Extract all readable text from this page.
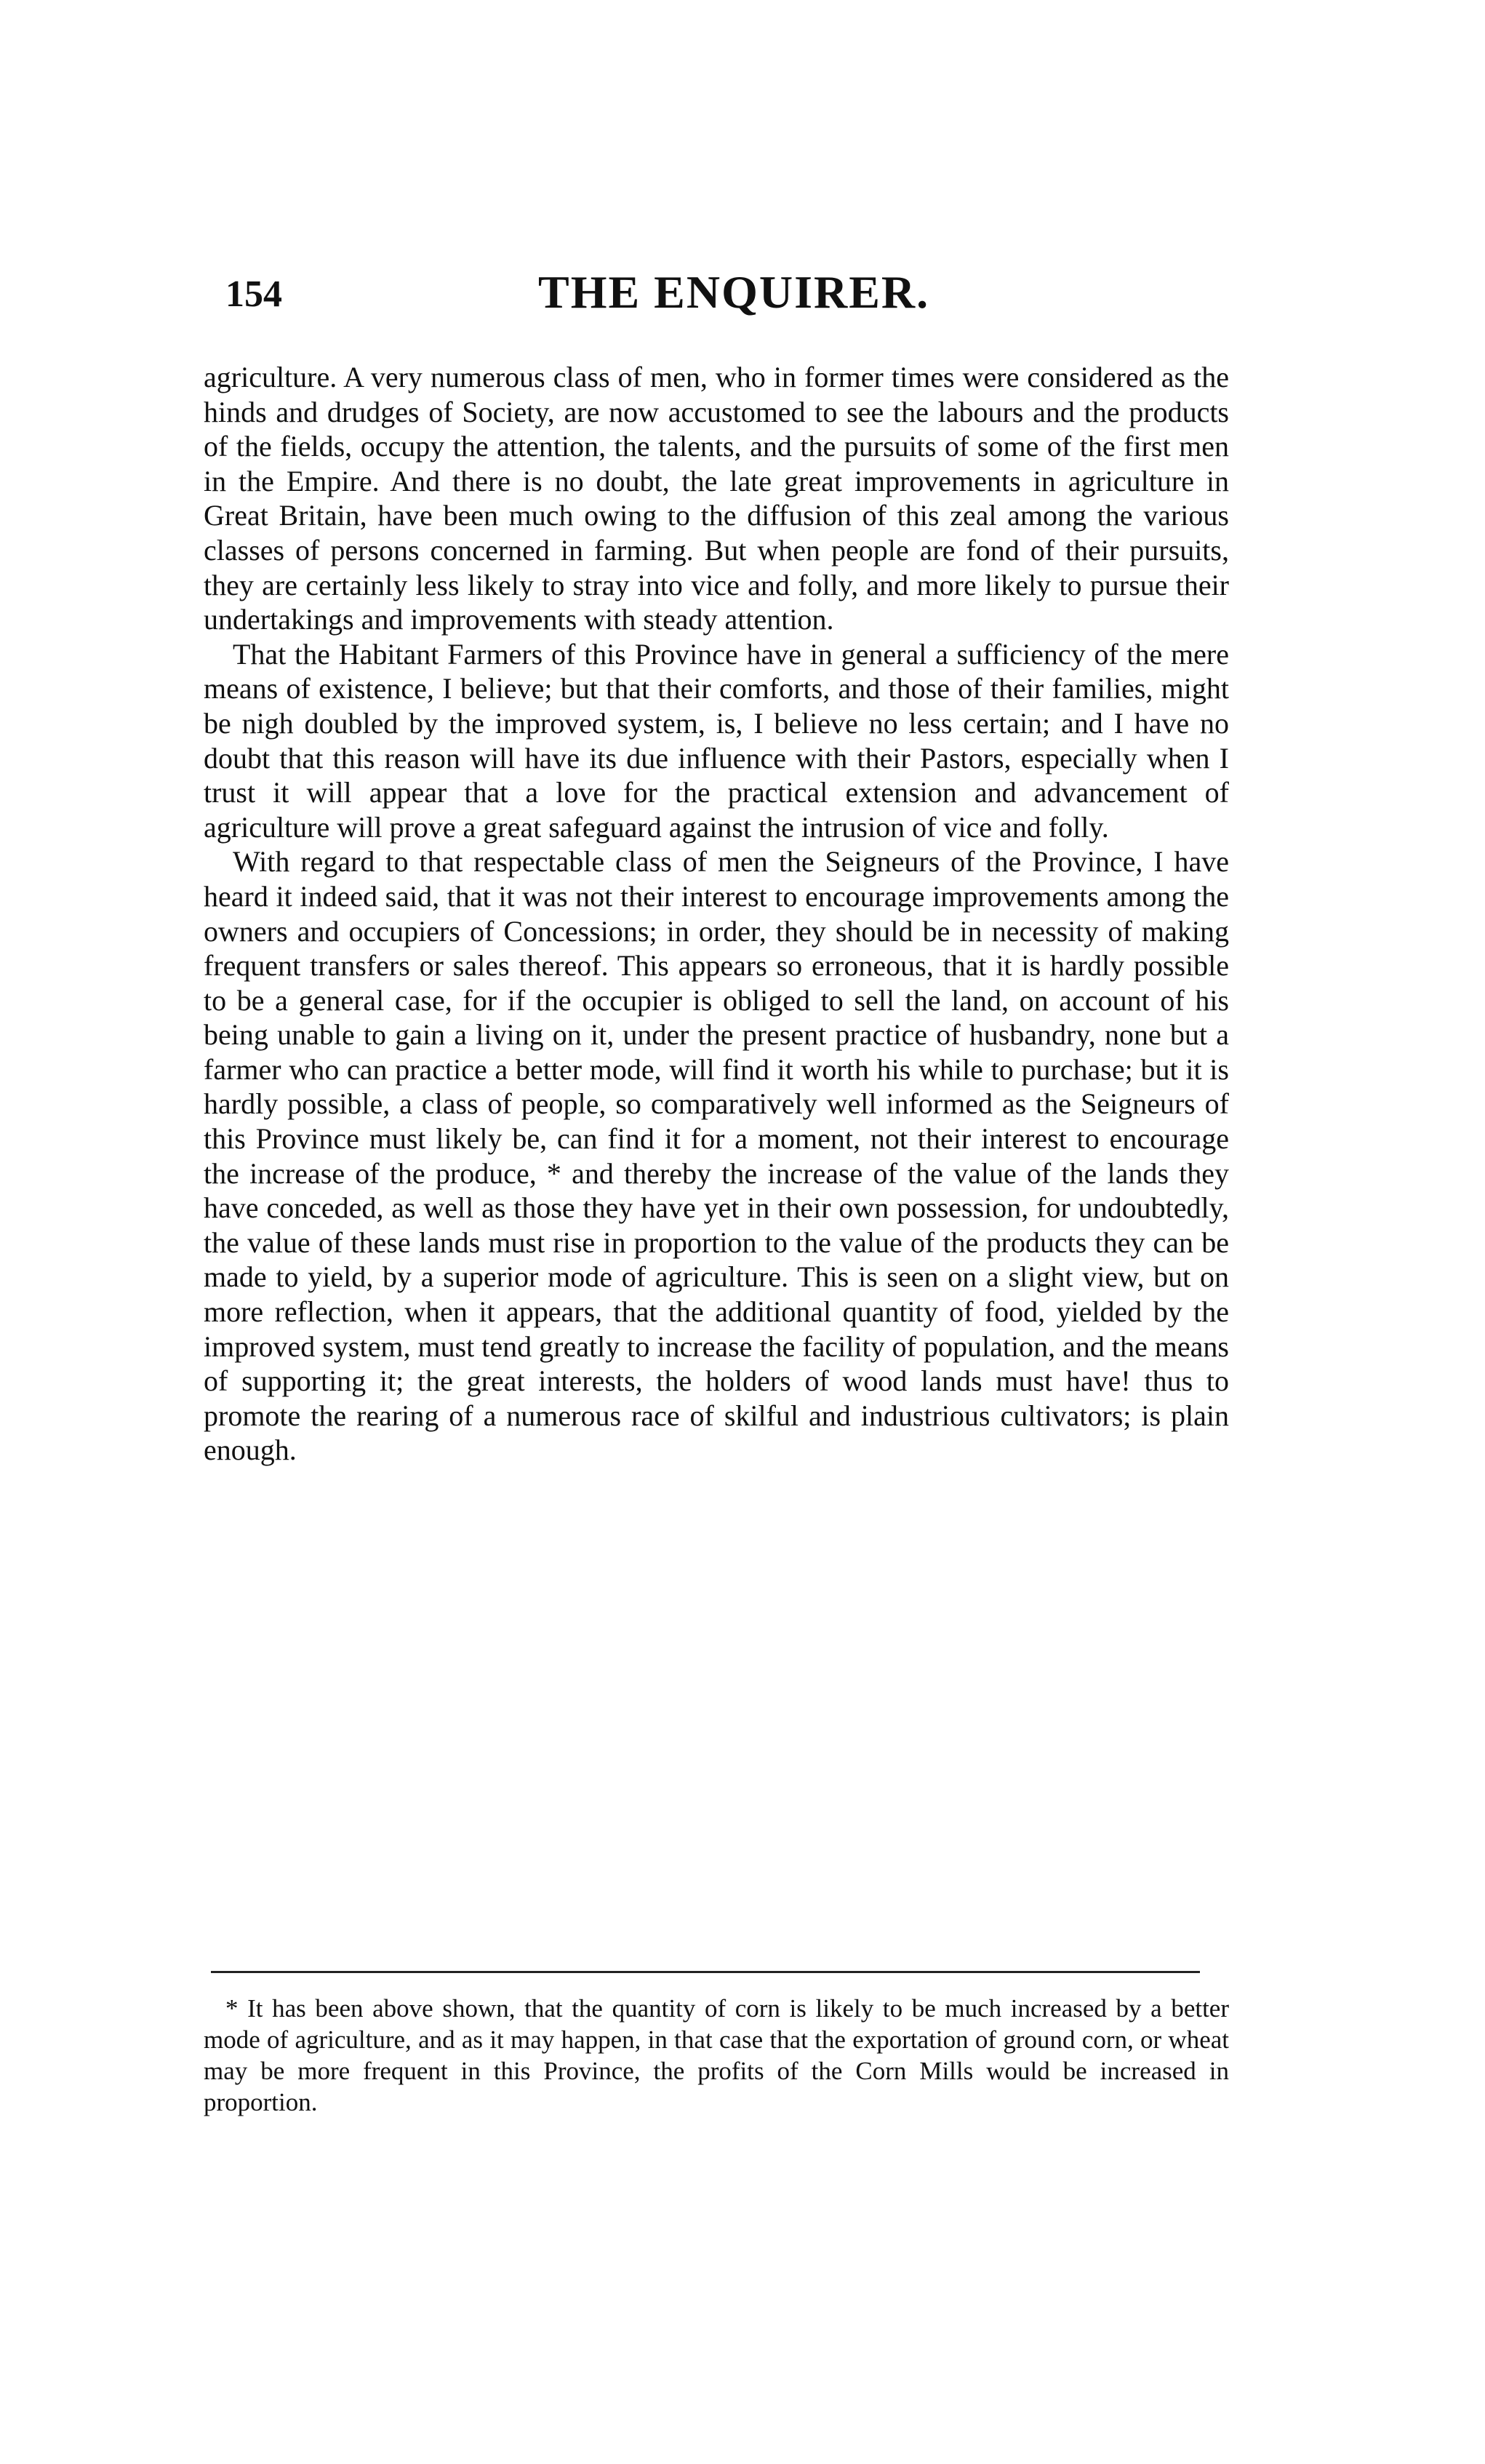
154	THE ENQUIRER.

agriculture. A very numerous class of men, who in former times were considered as the hinds and drudges of Society, are now accustomed to see the labours and the products of the fields, occupy the attention, the talents, and the pursuits of some of the first men in the Empire. And there is no doubt, the late great improvements in agriculture in Great Britain, have been much owing to the diffusion of this zeal among the various classes of persons concerned in farming. But when people are fond of their pursuits, they are certainly less likely to stray into vice and folly, and more likely to pursue their undertakings and improvements with steady attention.

That the Habitant Farmers of this Province have in general a sufficiency of the mere means of existence, I believe; but that their comforts, and those of their families, might be nigh doubled by the improved system, is, I believe no less certain; and I have no doubt that this reason will have its due influence with their Pastors, especially when I trust it will appear that a love for the practical extension and advancement of agriculture will prove a great safeguard against the intrusion of vice and folly.

With regard to that respectable class of men the Seigneurs of the Province, I have heard it indeed said, that it was not their interest to encourage improvements among the owners and occupiers of Concessions; in order, they should be in necessity of making frequent transfers or sales thereof. This appears so erroneous, that it is hardly possible to be a general case, for if the occupier is obliged to sell the land, on account of his being unable to gain a living on it, under the present practice of husbandry, none but a farmer who can practice a better mode, will find it worth his while to purchase; but it is hardly possible, a class of people, so comparatively well informed as the Seigneurs of this Province must likely be, can find it for a moment, not their interest to encourage the increase of the produce, * and thereby the increase of the value of the lands they have conceded, as well as those they have yet in their own possession, for undoubtedly, the value of these lands must rise in proportion to the value of the products they can be made to yield, by a superior mode of agriculture. This is seen on a slight view, but on more reflection, when it appears, that the additional quantity of food, yielded by the improved system, must tend greatly to increase the facility of population, and the means of supporting it; the great interests, the holders of wood lands must have! thus to promote the rearing of a numerous race of skilful and industrious cultivators; is plain enough.

* It has been above shown, that the quantity of corn is likely to be much increased by a better mode of agriculture, and as it may happen, in that case that the exportation of ground corn, or wheat may be more frequent in this Province, the profits of the Corn Mills would be increased in proportion.
